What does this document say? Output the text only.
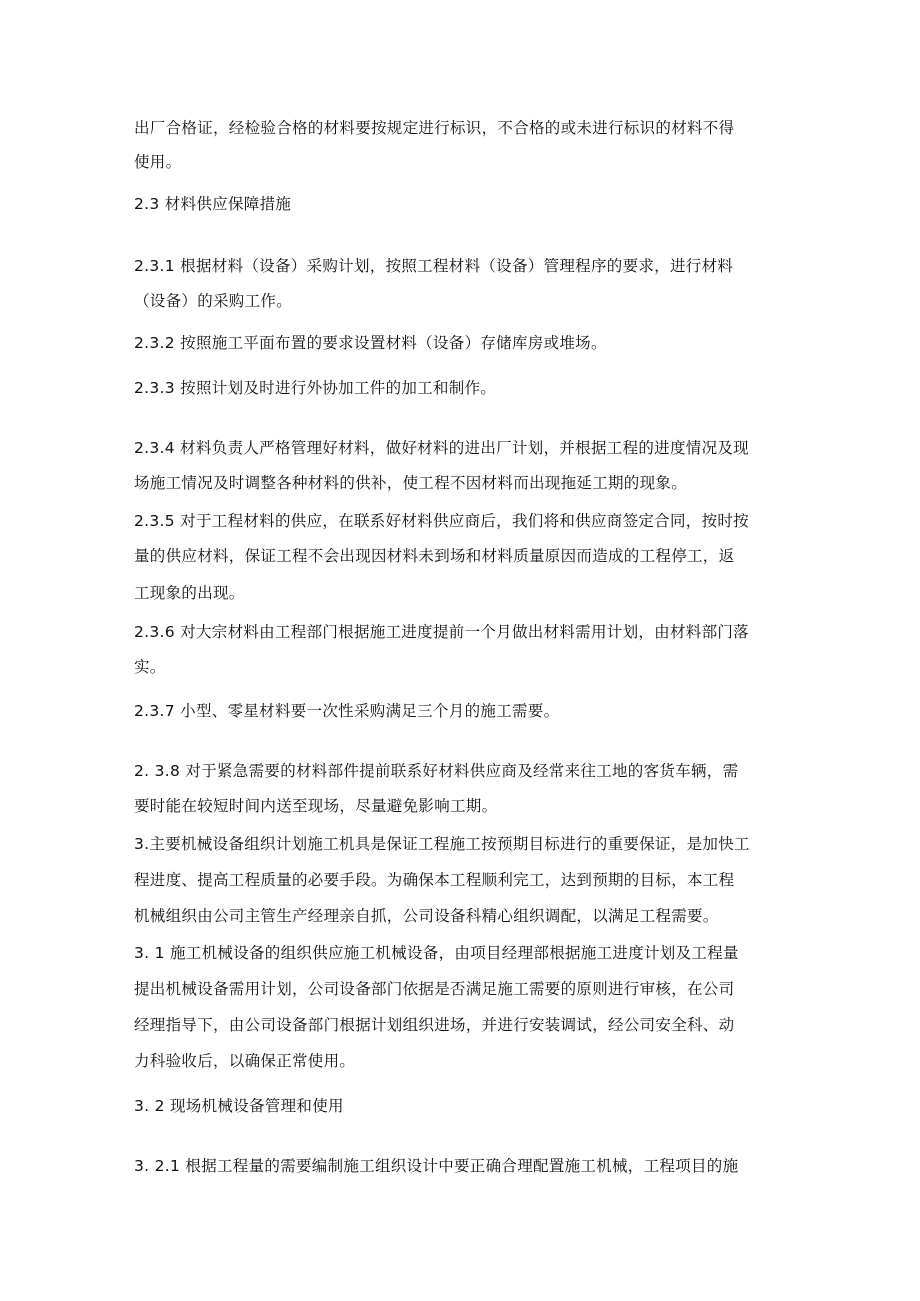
出厂合格证，经检验合格的材料要按规定进行标识，不合格的或未进行标识的材料不得
使用。
2.3 材料供应保障措施
2.3.1 根据材料（设备）采购计划，按照工程材料（设备）管理程序的要求，进行材料
（设备）的采购工作。
2.3.2 按照施工平面布置的要求设置材料（设备）存储库房或堆场。
2.3.3 按照计划及时进行外协加工件的加工和制作。
2.3.4 材料负责人严格管理好材料，做好材料的进出厂计划，并根据工程的进度情况及现
场施工情况及时调整各种材料的供补，使工程不因材料而出现拖延工期的现象。
2.3.5 对于工程材料的供应，在联系好材料供应商后，我们将和供应商签定合同，按时按
量的供应材料，保证工程不会出现因材料未到场和材料质量原因而造成的工程停工，返
工现象的出现。
2.3.6 对大宗材料由工程部门根据施工进度提前一个月做出材料需用计划，由材料部门落
实。
2.3.7 小型、零星材料要一次性采购满足三个月的施工需要。
2. 3.8 对于紧急需要的材料部件提前联系好材料供应商及经常来往工地的客货车辆，需
要时能在较短时间内送至现场，尽量避免影响工期。
3.主要机械设备组织计划施工机具是保证工程施工按预期目标进行的重要保证，是加快工
程进度、提高工程质量的必要手段。为确保本工程顺利完工，达到预期的目标，本工程
机械组织由公司主管生产经理亲自抓，公司设备科精心组织调配，以满足工程需要。
3. 1 施工机械设备的组织供应施工机械设备，由项目经理部根据施工进度计划及工程量
提出机械设备需用计划，公司设备部门依据是否满足施工需要的原则进行审核，在公司
经理指导下，由公司设备部门根据计划组织进场，并进行安装调试，经公司安全科、动
力科验收后，以确保正常使用。
3. 2 现场机械设备管理和使用
3. 2.1 根据工程量的需要编制施工组织设计中要正确合理配置施工机械，工程项目的施
